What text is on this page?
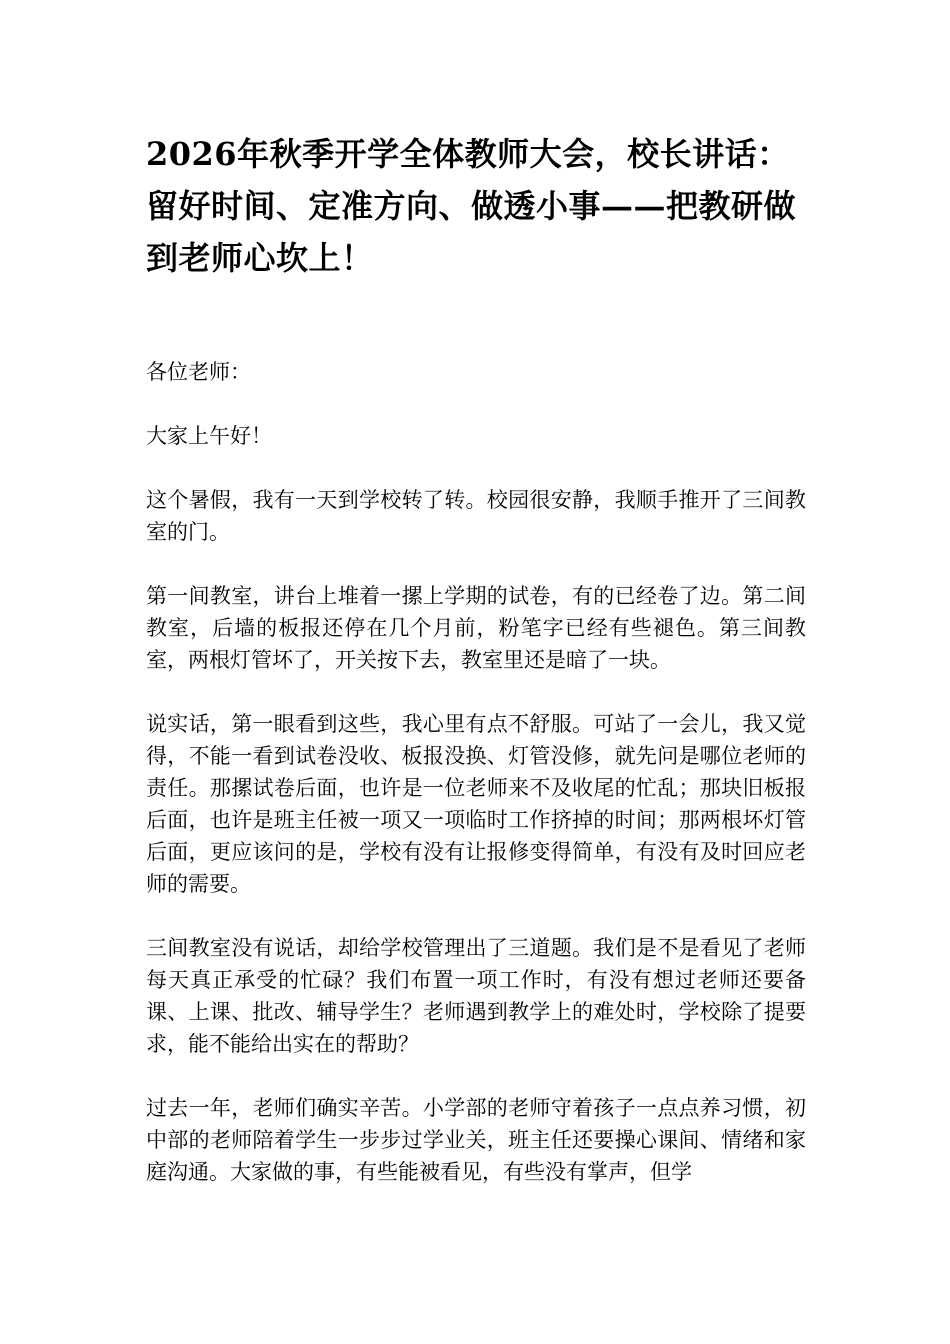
2026年秋季开学全体教师大会，校长讲话：留好时间、定准方向、做透小事——把教研做到老师心坎上！

各位老师：

大家上午好！

这个暑假，我有一天到学校转了转。校园很安静，我顺手推开了三间教室的门。

第一间教室，讲台上堆着一摞上学期的试卷，有的已经卷了边。第二间教室，后墙的板报还停在几个月前，粉笔字已经有些褪色。第三间教室，两根灯管坏了，开关按下去，教室里还是暗了一块。

说实话，第一眼看到这些，我心里有点不舒服。可站了一会儿，我又觉得，不能一看到试卷没收、板报没换、灯管没修，就先问是哪位老师的责任。那摞试卷后面，也许是一位老师来不及收尾的忙乱；那块旧板报后面，也许是班主任被一项又一项临时工作挤掉的时间；那两根坏灯管后面，更应该问的是，学校有没有让报修变得简单，有没有及时回应老师的需要。

三间教室没有说话，却给学校管理出了三道题。我们是不是看见了老师每天真正承受的忙碌？我们布置一项工作时，有没有想过老师还要备课、上课、批改、辅导学生？老师遇到教学上的难处时，学校除了提要求，能不能给出实在的帮助？

过去一年，老师们确实辛苦。小学部的老师守着孩子一点点养习惯，初中部的老师陪着学生一步步过学业关，班主任还要操心课间、情绪和家庭沟通。大家做的事，有些能被看见，有些没有掌声，但学
